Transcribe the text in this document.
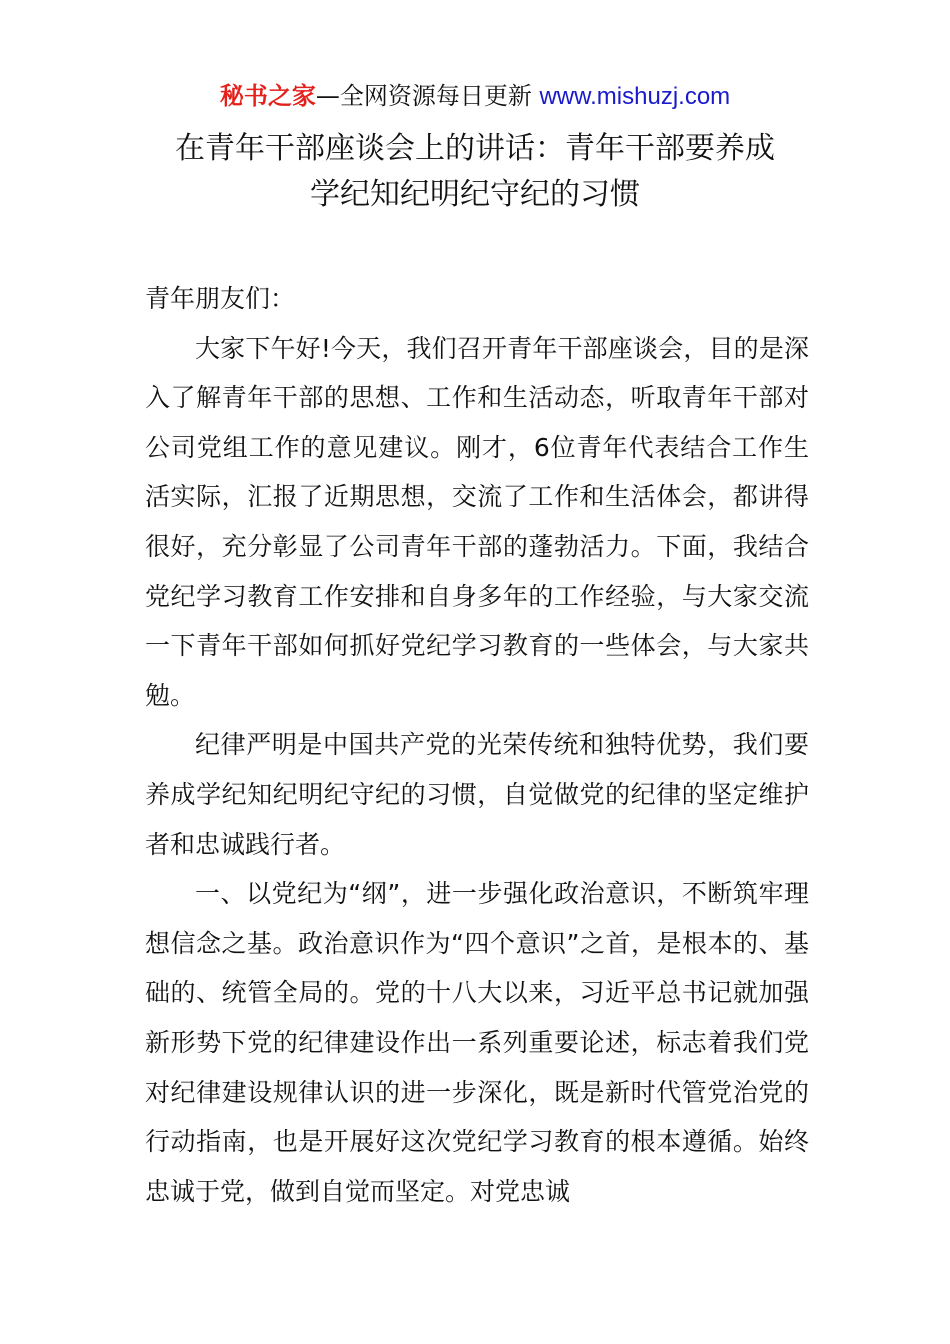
秘书之家—全网资源每日更新 www.mishuzj.com
在青年干部座谈会上的讲话：青年干部要养成
学纪知纪明纪守纪的习惯

青年朋友们：

大家下午好!今天，我们召开青年干部座谈会，目的是深入了解青年干部的思想、工作和生活动态，听取青年干部对公司党组工作的意见建议。刚才，6位青年代表结合工作生活实际，汇报了近期思想，交流了工作和生活体会，都讲得很好，充分彰显了公司青年干部的蓬勃活力。下面，我结合党纪学习教育工作安排和自身多年的工作经验，与大家交流一下青年干部如何抓好党纪学习教育的一些体会，与大家共勉。

纪律严明是中国共产党的光荣传统和独特优势，我们要养成学纪知纪明纪守纪的习惯，自觉做党的纪律的坚定维护者和忠诚践行者。

一、以党纪为“纲”，进一步强化政治意识，不断筑牢理想信念之基。政治意识作为“四个意识”之首，是根本的、基础的、统管全局的。党的十八大以来，习近平总书记就加强新形势下党的纪律建设作出一系列重要论述，标志着我们党对纪律建设规律认识的进一步深化，既是新时代管党治党的行动指南，也是开展好这次党纪学习教育的根本遵循。始终忠诚于党，做到自觉而坚定。对党忠诚
